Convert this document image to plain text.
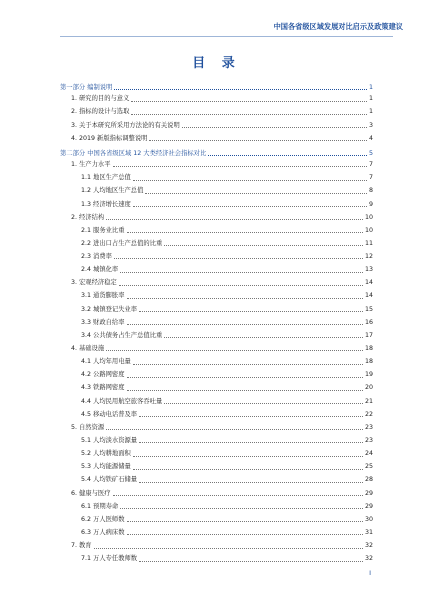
中国各省级区域发展对比启示及政策建议
目 录
第一部分 编制说明	1
1. 研究的目的与意义	1
2. 指标的设计与选取	1
3. 关于本研究所采用方法论的有关说明	3
4. 2019 新版指标调整说明	4
第二部分 中国各省级区域 12 大类经济社会指标对比	5
1. 生产力水平	7
1.1 地区生产总值	7
1.2 人均地区生产总值	8
1.3 经济增长速度	9
2. 经济结构	10
2.1 服务业比重	10
2.2 进出口占生产总值的比重	11
2.3 消费率	12
2.4 城镇化率	13
3. 宏观经济稳定	14
3.1 通货膨胀率	14
3.2 城镇登记失业率	15
3.3 财政自给率	16
3.4 公共债务占生产总值比重	17
4. 基础设施	18
4.1 人均年用电量	18
4.2 公路网密度	19
4.3 铁路网密度	20
4.4 人均民用航空旅客吞吐量	21
4.5 移动电话普及率	22
5. 自然资源	23
5.1 人均淡水资源量	23
5.2 人均耕地面积	24
5.3 人均能源储量	25
5.4 人均铁矿石储量	28
6. 健康与医疗	29
6.1 预期寿命	29
6.2 万人医师数	30
6.3 万人病床数	31
7. 教育	32
7.1 万人专任教师数	32
I
